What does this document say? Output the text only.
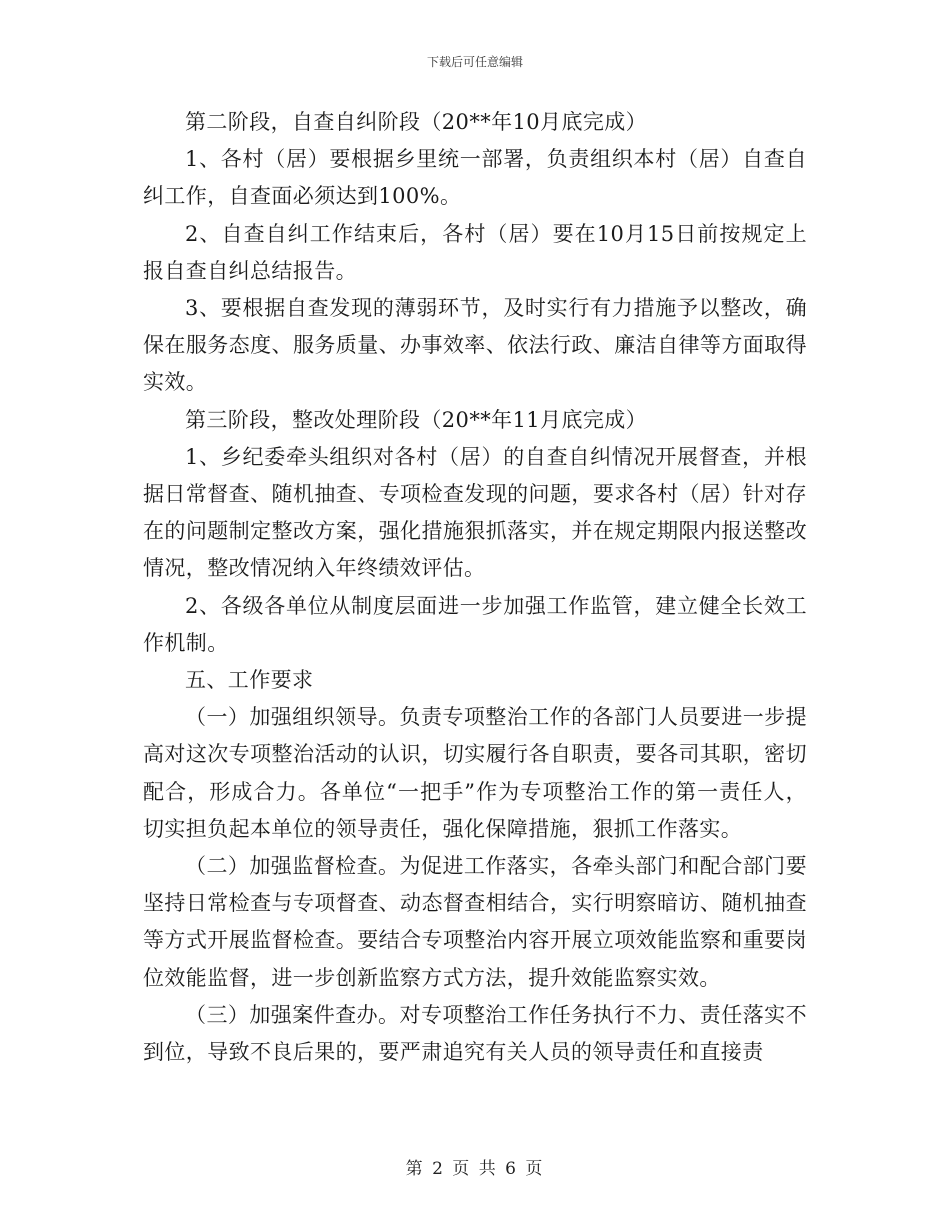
下载后可任意编辑

第二阶段，自查自纠阶段（20**年10月底完成）

1、各村（居）要根据乡里统一部署，负责组织本村（居）自查自纠工作，自查面必须达到100%。

2、自查自纠工作结束后，各村（居）要在10月15日前按规定上报自查自纠总结报告。

3、要根据自查发现的薄弱环节，及时实行有力措施予以整改，确保在服务态度、服务质量、办事效率、依法行政、廉洁自律等方面取得实效。

第三阶段，整改处理阶段（20**年11月底完成）

1、乡纪委牵头组织对各村（居）的自查自纠情况开展督查，并根据日常督查、随机抽查、专项检查发现的问题，要求各村（居）针对存在的问题制定整改方案，强化措施狠抓落实，并在规定期限内报送整改情况，整改情况纳入年终绩效评估。

2、各级各单位从制度层面进一步加强工作监管，建立健全长效工作机制。

五、工作要求

（一）加强组织领导。负责专项整治工作的各部门人员要进一步提高对这次专项整治活动的认识，切实履行各自职责，要各司其职，密切配合，形成合力。各单位“一把手”作为专项整治工作的第一责任人，切实担负起本单位的领导责任，强化保障措施，狠抓工作落实。

（二）加强监督检查。为促进工作落实，各牵头部门和配合部门要坚持日常检查与专项督查、动态督查相结合，实行明察暗访、随机抽查等方式开展监督检查。要结合专项整治内容开展立项效能监察和重要岗位效能监督，进一步创新监察方式方法，提升效能监察实效。

（三）加强案件查办。对专项整治工作任务执行不力、责任落实不到位，导致不良后果的，要严肃追究有关人员的领导责任和直接责

第 2 页 共 6 页
